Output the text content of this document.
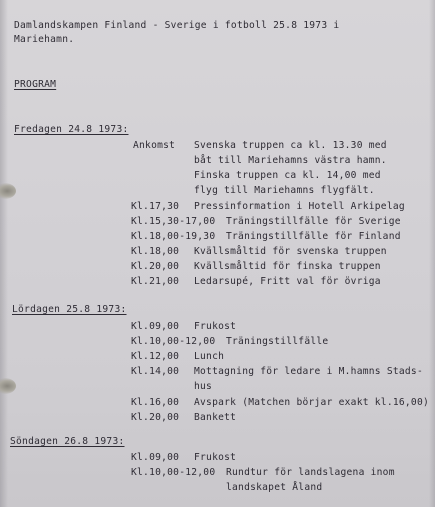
Damlandskampen Finland - Sverige i fotboll 25.8 1973 i
Mariehamn.
PROGRAM
Fredagen 24.8 1973:
Ankomst Svenska truppen ca kl. 13.30 med
båt till Mariehamns västra hamn.
Finska truppen ca kl. 14,00 med
flyg till Mariehamns flygfält.
Kl.17,30 Pressinformation i Hotell Arkipelag
Kl.15,30-17,00 Träningstillfälle för Sverige
Kl.18,00-19,30 Träningstillfälle för Finland
Kl.18,00 Kvällsmåltid för svenska truppen
Kl.20,00 Kvällsmåltid för finska truppen
Kl.21,00 Ledarsupé, Fritt val för övriga
Lördagen 25.8 1973:
Kl.09,00 Frukost
Kl.10,00-12,00 Träningstillfälle
Kl.12,00 Lunch
Kl.14,00 Mottagning för ledare i M.hamns Stads-
hus
Kl.16,00 Avspark (Matchen börjar exakt kl.16,00)
Kl.20,00 Bankett
Söndagen 26.8 1973:
Kl.09,00 Frukost
Kl.10,00-12,00 Rundtur för landslagena inom
landskapet Åland
